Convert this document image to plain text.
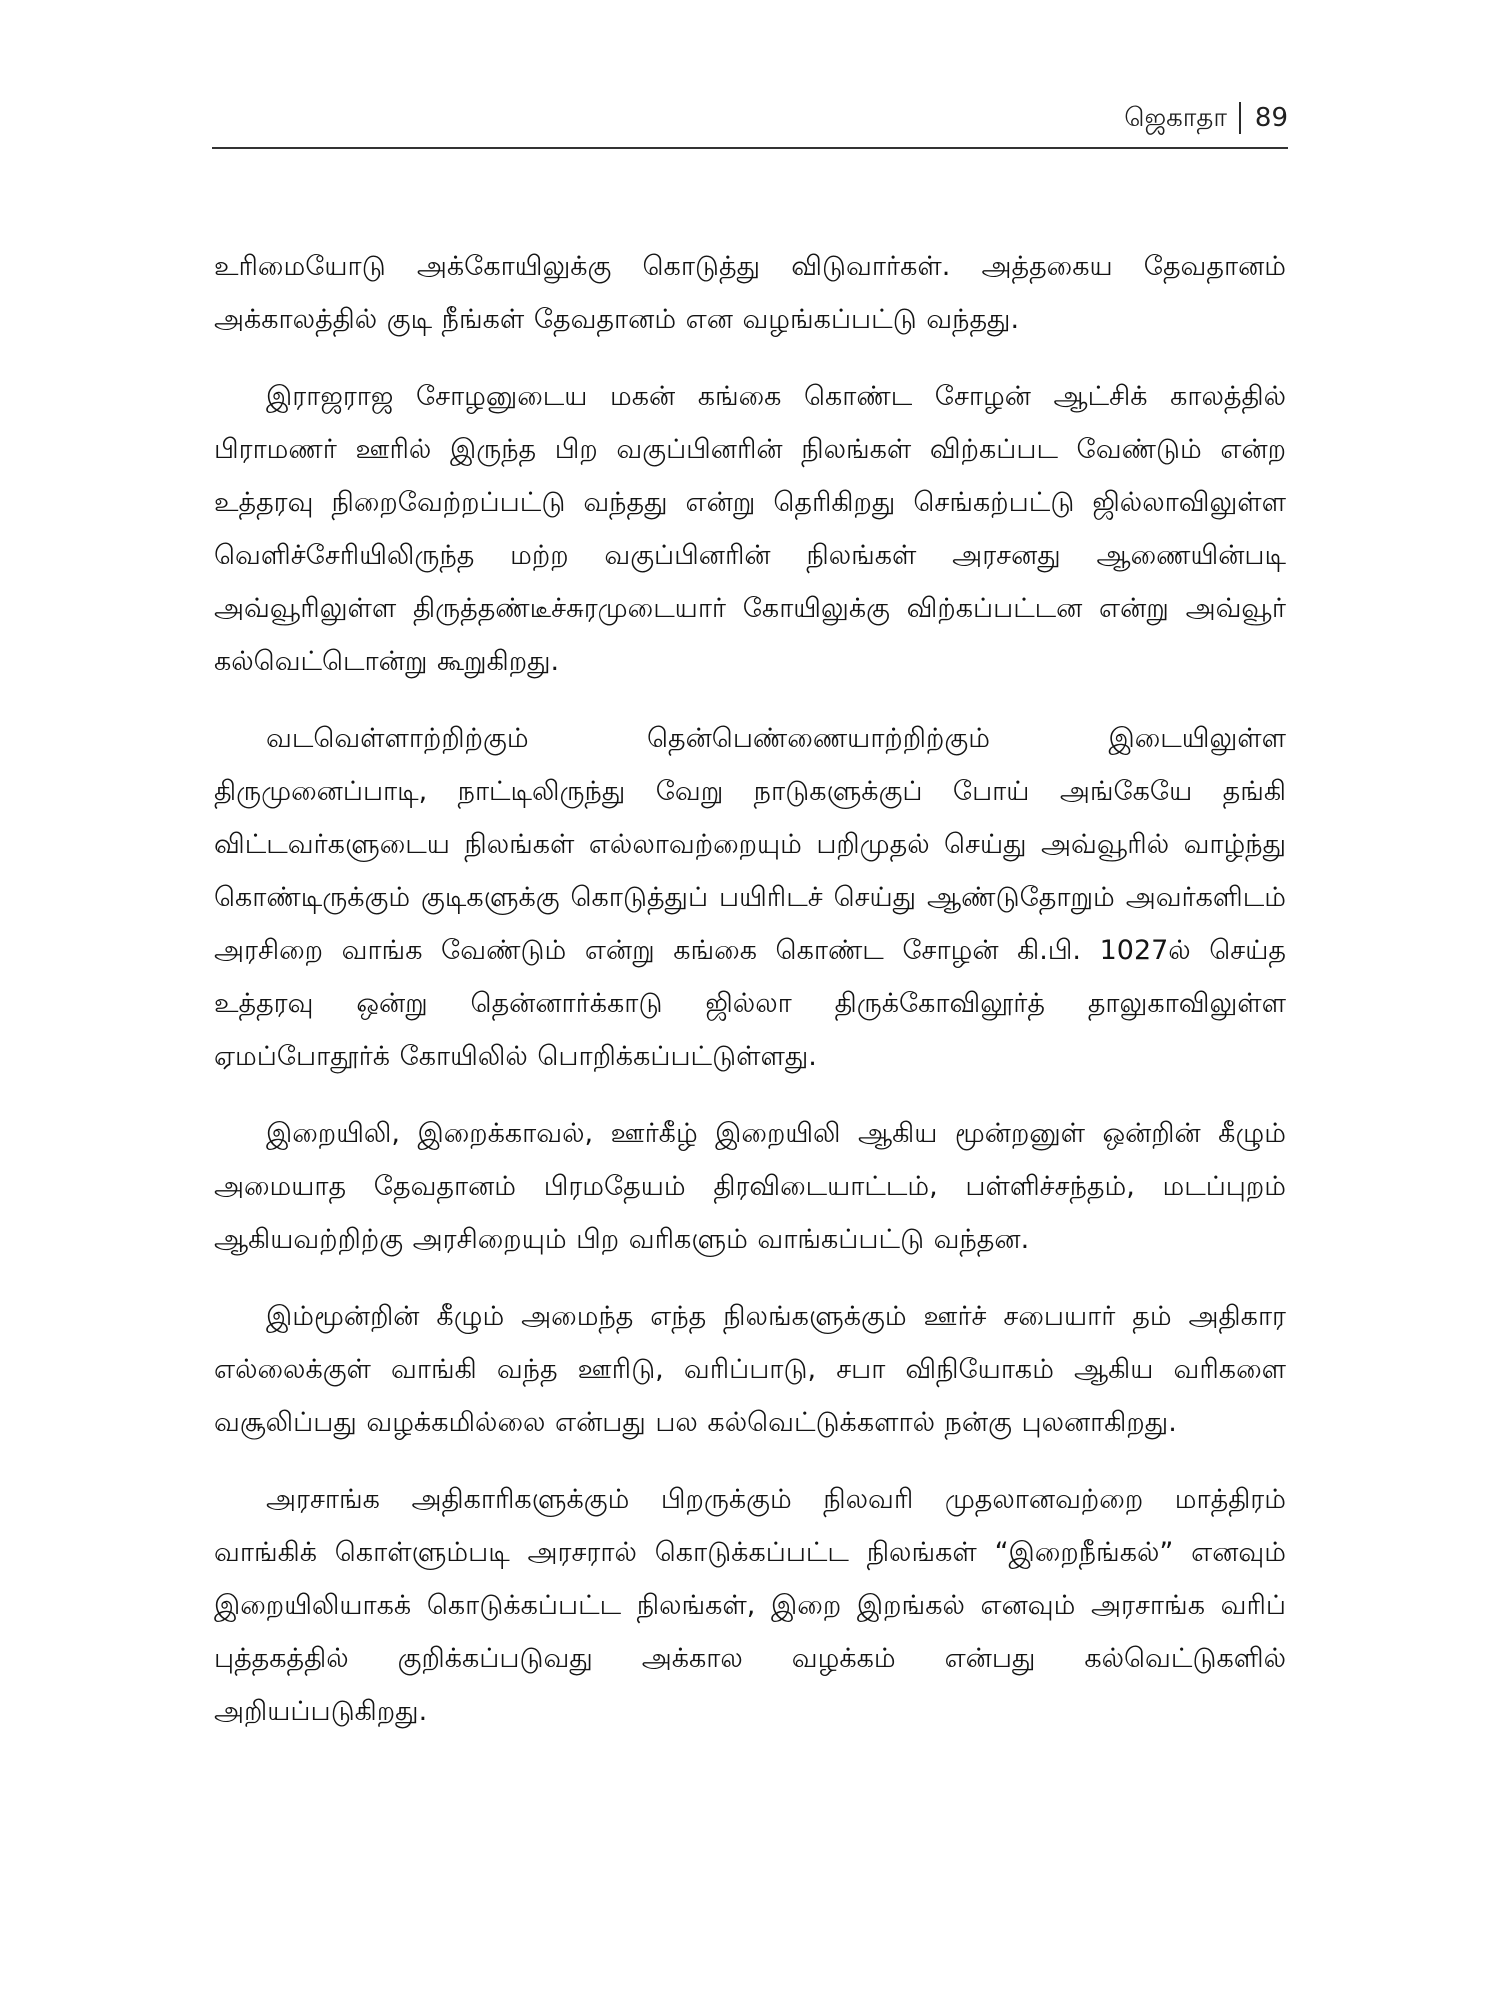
ஜெகாதா 89

உரிமையோடு அக்கோயிலுக்கு கொடுத்து விடுவார்கள். அத்தகைய தேவதானம் அக்காலத்தில் குடி நீங்கள் தேவதானம் என வழங்கப்பட்டு வந்தது.

இராஜராஜ சோழனுடைய மகன் கங்கை கொண்ட சோழன் ஆட்சிக் காலத்தில் பிராமணர் ஊரில் இருந்த பிற வகுப்பினரின் நிலங்கள் விற்கப்பட வேண்டும் என்ற உத்தரவு நிறைவேற்றப்பட்டு வந்தது என்று தெரிகிறது செங்கற்பட்டு ஜில்லாவிலுள்ள வெளிச்சேரியிலிருந்த மற்ற வகுப்பினரின் நிலங்கள் அரசனது ஆணையின்படி அவ்வூரிலுள்ள திருத்தண்டீச்சுரமுடையார் கோயிலுக்கு விற்கப்பட்டன என்று அவ்வூர் கல்வெட்டொன்று கூறுகிறது.

வடவெள்ளாற்றிற்கும் தென்பெண்ணையாற்றிற்கும் இடையிலுள்ள திருமுனைப்பாடி, நாட்டிலிருந்து வேறு நாடுகளுக்குப் போய் அங்கேயே தங்கி விட்டவர்களுடைய நிலங்கள் எல்லாவற்றையும் பறிமுதல் செய்து அவ்வூரில் வாழ்ந்து கொண்டிருக்கும் குடிகளுக்கு கொடுத்துப் பயிரிடச் செய்து ஆண்டுதோறும் அவர்களிடம் அரசிறை வாங்க வேண்டும் என்று கங்கை கொண்ட சோழன் கி.பி. 1027ல் செய்த உத்தரவு ஒன்று தென்னார்க்காடு ஜில்லா திருக்கோவிலூர்த் தாலுகாவிலுள்ள ஏமப்போதூர்க் கோயிலில் பொறிக்கப்பட்டுள்ளது.

இறையிலி, இறைக்காவல், ஊர்கீழ் இறையிலி ஆகிய மூன்றனுள் ஒன்றின் கீழும் அமையாத தேவதானம் பிரமதேயம் திரவிடையாட்டம், பள்ளிச்சந்தம், மடப்புறம் ஆகியவற்றிற்கு அரசிறையும் பிற வரிகளும் வாங்கப்பட்டு வந்தன.

இம்மூன்றின் கீழும் அமைந்த எந்த நிலங்களுக்கும் ஊர்ச் சபையார் தம் அதிகார எல்லைக்குள் வாங்கி வந்த ஊரிடு, வரிப்பாடு, சபா விநியோகம் ஆகிய வரிகளை வசூலிப்பது வழக்கமில்லை என்பது பல கல்வெட்டுக்களால் நன்கு புலனாகிறது.

அரசாங்க அதிகாரிகளுக்கும் பிறருக்கும் நிலவரி முதலானவற்றை மாத்திரம் வாங்கிக் கொள்ளும்படி அரசரால் கொடுக்கப்பட்ட நிலங்கள் “இறைநீங்கல்” எனவும் இறையிலியாகக் கொடுக்கப்பட்ட நிலங்கள், இறை இறங்கல் எனவும் அரசாங்க வரிப் புத்தகத்தில் குறிக்கப்படுவது அக்கால வழக்கம் என்பது கல்வெட்டுகளில் அறியப்படுகிறது.
